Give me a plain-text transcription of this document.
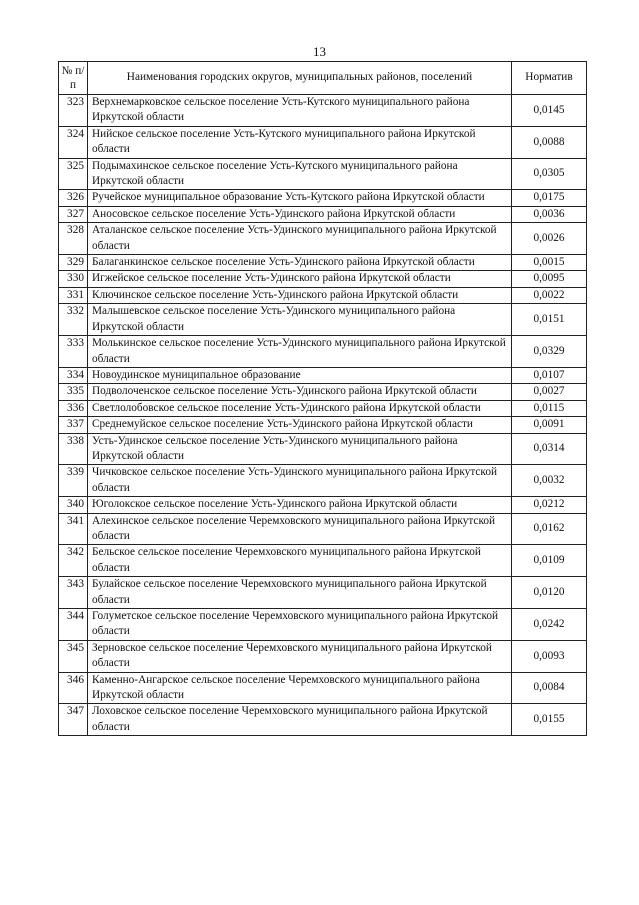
13
№ п/п	Наименования городских округов, муниципальных районов, поселений	Норматив
323	Верхнемарковское сельское поселение Усть-Кутского муниципального района Иркутской области	0,0145
324	Нийское сельское поселение Усть-Кутского муниципального района Иркутской области	0,0088
325	Подымахинское сельское поселение Усть-Кутского муниципального района Иркутской области	0,0305
326	Ручейское муниципальное образование Усть-Кутского района Иркутской области	0,0175
327	Аносовское сельское поселение Усть-Удинского района Иркутской области	0,0036
328	Аталанское сельское поселение Усть-Удинского муниципального района Иркутской области	0,0026
329	Балаганкинское сельское поселение Усть-Удинского района Иркутской области	0,0015
330	Игжейское сельское поселение Усть-Удинского района Иркутской области	0,0095
331	Ключинское сельское поселение Усть-Удинского района Иркутской области	0,0022
332	Малышевское сельское поселение Усть-Удинского муниципального района Иркутской области	0,0151
333	Молькинское сельское поселение Усть-Удинского муниципального района Иркутской области	0,0329
334	Новоудинское муниципальное образование	0,0107
335	Подволоченское сельское поселение Усть-Удинского района Иркутской области	0,0027
336	Светлолобовское сельское поселение Усть-Удинского района Иркутской области	0,0115
337	Среднемуйское сельское поселение Усть-Удинского района Иркутской области	0,0091
338	Усть-Удинское сельское поселение Усть-Удинского муниципального района Иркутской области	0,0314
339	Чичковское сельское поселение Усть-Удинского муниципального района Иркутской области	0,0032
340	Юголокское сельское поселение Усть-Удинского района Иркутской области	0,0212
341	Алехинское сельское поселение Черемховского муниципального района Иркутской области	0,0162
342	Бельское сельское поселение Черемховского муниципального района Иркутской области	0,0109
343	Булайское сельское поселение Черемховского муниципального района Иркутской области	0,0120
344	Голуметское сельское поселение Черемховского муниципального района Иркутской области	0,0242
345	Зерновское сельское поселение Черемховского муниципального района Иркутской области	0,0093
346	Каменно-Ангарское сельское поселение Черемховского муниципального района Иркутской области	0,0084
347	Лоховское сельское поселение Черемховского муниципального района Иркутской области	0,0155
